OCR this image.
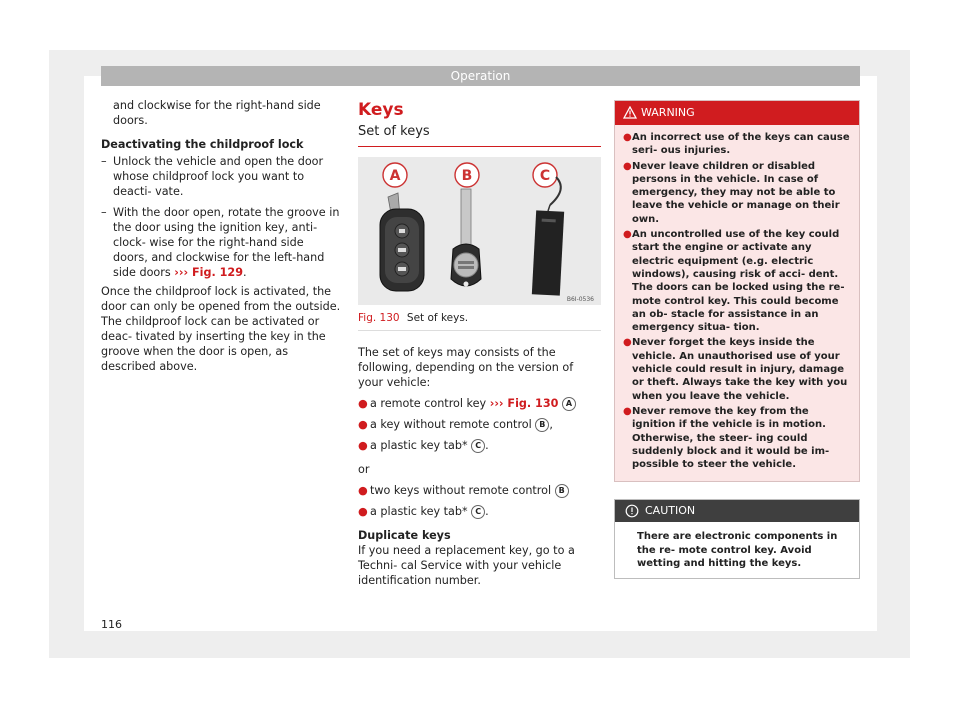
Operation

and clockwise for the right-hand side

doors.

Deactivating the childproof lock

– Unlock the vehicle and open the door whose childproof lock you want to deacti- vate.
– With the door open, rotate the groove in the door using the ignition key, anti-clock- wise for the right-hand side doors, and clockwise for the left-hand side doors ››› Fig. 129.

Once the childproof lock is activated, the door can only be opened from the outside. The childproof lock can be activated or deac- tivated by inserting the key in the groove when the door is open, as described above.

Keys
Set of keys
A	B	C
B6I-0536
Fig. 130 Set of keys.

The set of keys may consists of the following, depending on the version of your vehicle:

● a remote control key ››› Fig. 130 A
● a key without remote control B ,
● a plastic key tab* C .

or

● two keys without remote control B
● a plastic key tab* C .

Duplicate keys

If you need a replacement key, go to a Techni- cal Service with your vehicle identification number.

WARNING
● An incorrect use of the keys can cause seri- ous injuries.
● Never leave children or disabled persons in the vehicle. In case of emergency, they may not be able to leave the vehicle or manage on their own.
● An uncontrolled use of the key could start the engine or activate any electric equipment (e.g. electric windows), causing risk of acci- dent. The doors can be locked using the re- mote control key. This could become an ob- stacle for assistance in an emergency situa- tion.
● Never forget the keys inside the vehicle. An unauthorised use of your vehicle could result in injury, damage or theft. Always take the key with you when you leave the vehicle.
● Never remove the key from the ignition if the vehicle is in motion. Otherwise, the steer- ing could suddenly block and it would be im- possible to steer the vehicle.
CAUTION
There are electronic components in the re- mote control key. Avoid wetting and hitting the keys.
116
